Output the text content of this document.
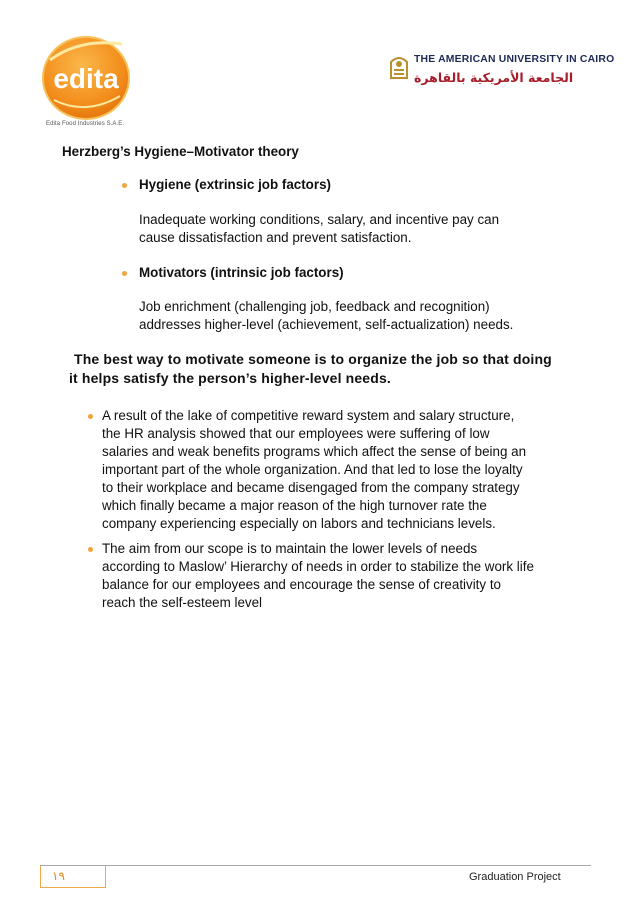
edita
Edita Food Industries S.A.E.
THE AMERICAN UNIVERSITY IN CAIRO
الجامعة الأمريكية بالقاهرة
Herzberg’s Hygiene–Motivator theory
Hygiene (extrinsic job factors)
Inadequate working conditions, salary, and incentive pay can
cause dissatisfaction and prevent satisfaction.
Motivators (intrinsic job factors)
Job enrichment (challenging job, feedback and recognition)
addresses higher-level (achievement, self-actualization) needs.
The best way to motivate someone is to organize the job so that doing
it helps satisfy the person’s higher-level needs.
A result of the lake of competitive reward system and salary structure,
the HR analysis showed that our employees were suffering of low
salaries and weak benefits programs which affect the sense of being an
important part of the whole organization. And that led to lose the loyalty
to their workplace and became disengaged from the company strategy
which finally became a major reason of the high turnover rate the
company experiencing especially on labors and technicians levels.
The aim from our scope is to maintain the lower levels of needs
according to Maslow’ Hierarchy of needs in order to stabilize the work life
balance for our employees and encourage the sense of creativity to
reach the self-esteem level
١٩	Graduation Project
